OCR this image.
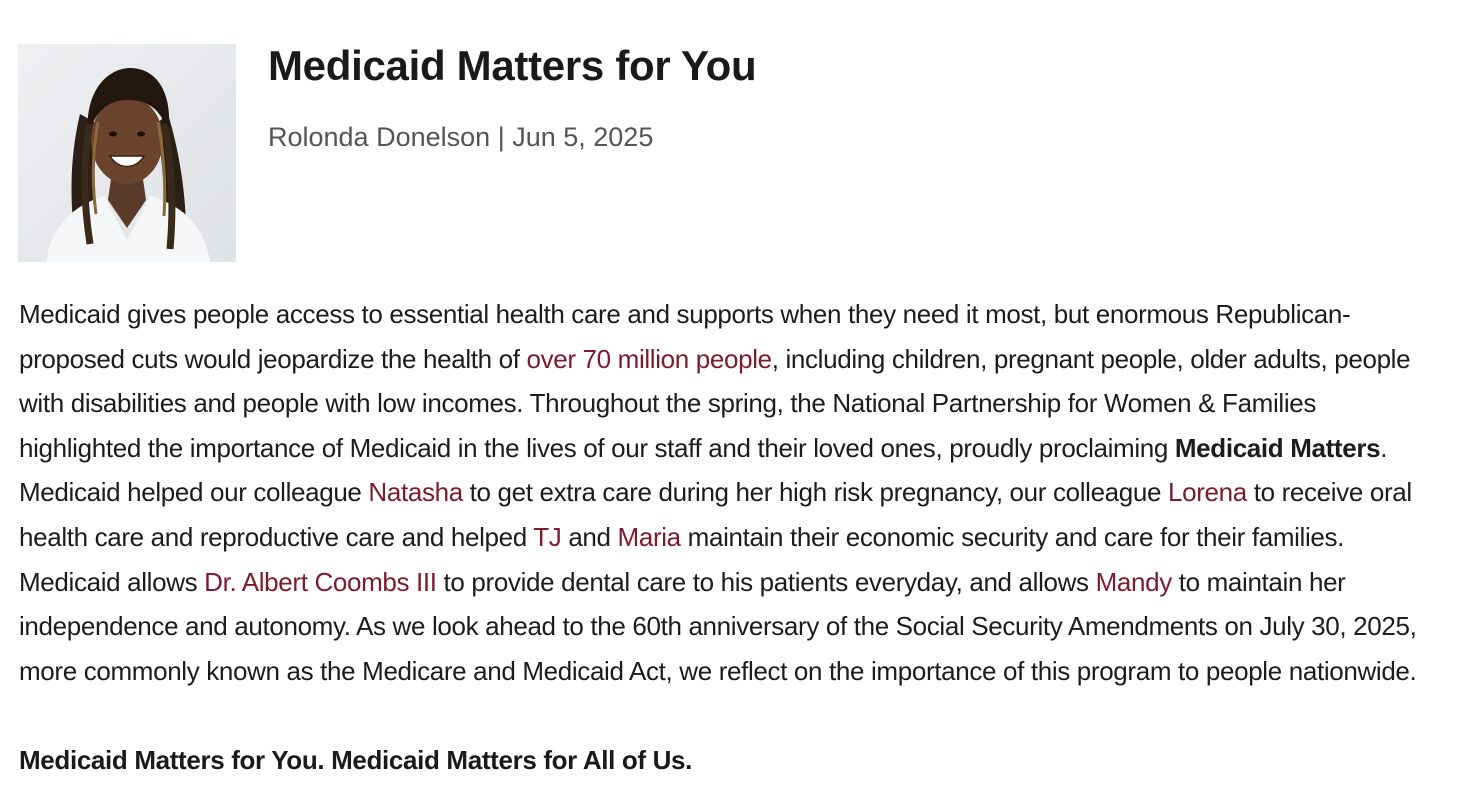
Medicaid Matters for You
Rolonda Donelson | Jun 5, 2025

Medicaid gives people access to essential health care and supports when they need it most, but enormous Republican-proposed cuts would jeopardize the health of over 70 million people, including children, pregnant people, older adults, people with disabilities and people with low incomes. Throughout the spring, the National Partnership for Women & Families highlighted the importance of Medicaid in the lives of our staff and their loved ones, proudly proclaiming Medicaid Matters. Medicaid helped our colleague Natasha to get extra care during her high risk pregnancy, our colleague Lorena to receive oral health care and reproductive care and helped TJ and Maria maintain their economic security and care for their families. Medicaid allows Dr. Albert Coombs III to provide dental care to his patients everyday, and allows Mandy to maintain her independence and autonomy. As we look ahead to the 60th anniversary of the Social Security Amendments on July 30, 2025, more commonly known as the Medicare and Medicaid Act, we reflect on the importance of this program to people nationwide.

Medicaid Matters for You. Medicaid Matters for All of Us.
